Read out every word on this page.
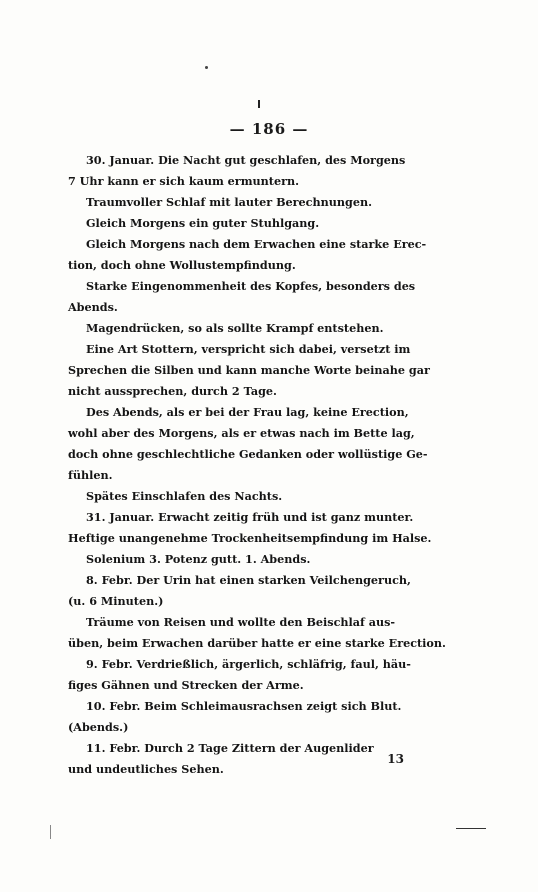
— 186 —
30. Januar. Die Nacht gut geschlafen, des Morgens
7 Uhr kann er sich kaum ermuntern.
Traumvoller Schlaf mit lauter Berechnungen.
Gleich Morgens ein guter Stuhlgang.
Gleich Morgens nach dem Erwachen eine starke Erec-
tion, doch ohne Wollustempfindung.
Starke Eingenommenheit des Kopfes, besonders des
Abends.
Magendrücken, so als sollte Krampf entstehen.
Eine Art Stottern, verspricht sich dabei, versetzt im
Sprechen die Silben und kann manche Worte beinahe gar
nicht aussprechen, durch 2 Tage.
Des Abends, als er bei der Frau lag, keine Erection,
wohl aber des Morgens, als er etwas nach im Bette lag,
doch ohne geschlechtliche Gedanken oder wollüstige Ge-
fühlen.
Spätes Einschlafen des Nachts.
31. Januar. Erwacht zeitig früh und ist ganz munter.
Heftige unangenehme Trockenheitsempfindung im Halse.
Solenium 3. Potenz gutt. 1. Abends.
8. Febr. Der Urin hat einen starken Veilchengeruch,
(u. 6 Minuten.)
Träume von Reisen und wollte den Beischlaf aus-
üben, beim Erwachen darüber hatte er eine starke Erection.
9. Febr. Verdrießlich, ärgerlich, schläfrig, faul, häu-
figes Gähnen und Strecken der Arme.
10. Febr. Beim Schleimausrachsen zeigt sich Blut.
(Abends.)
11. Febr. Durch 2 Tage Zittern der Augenlider
und undeutliches Sehen.
13
